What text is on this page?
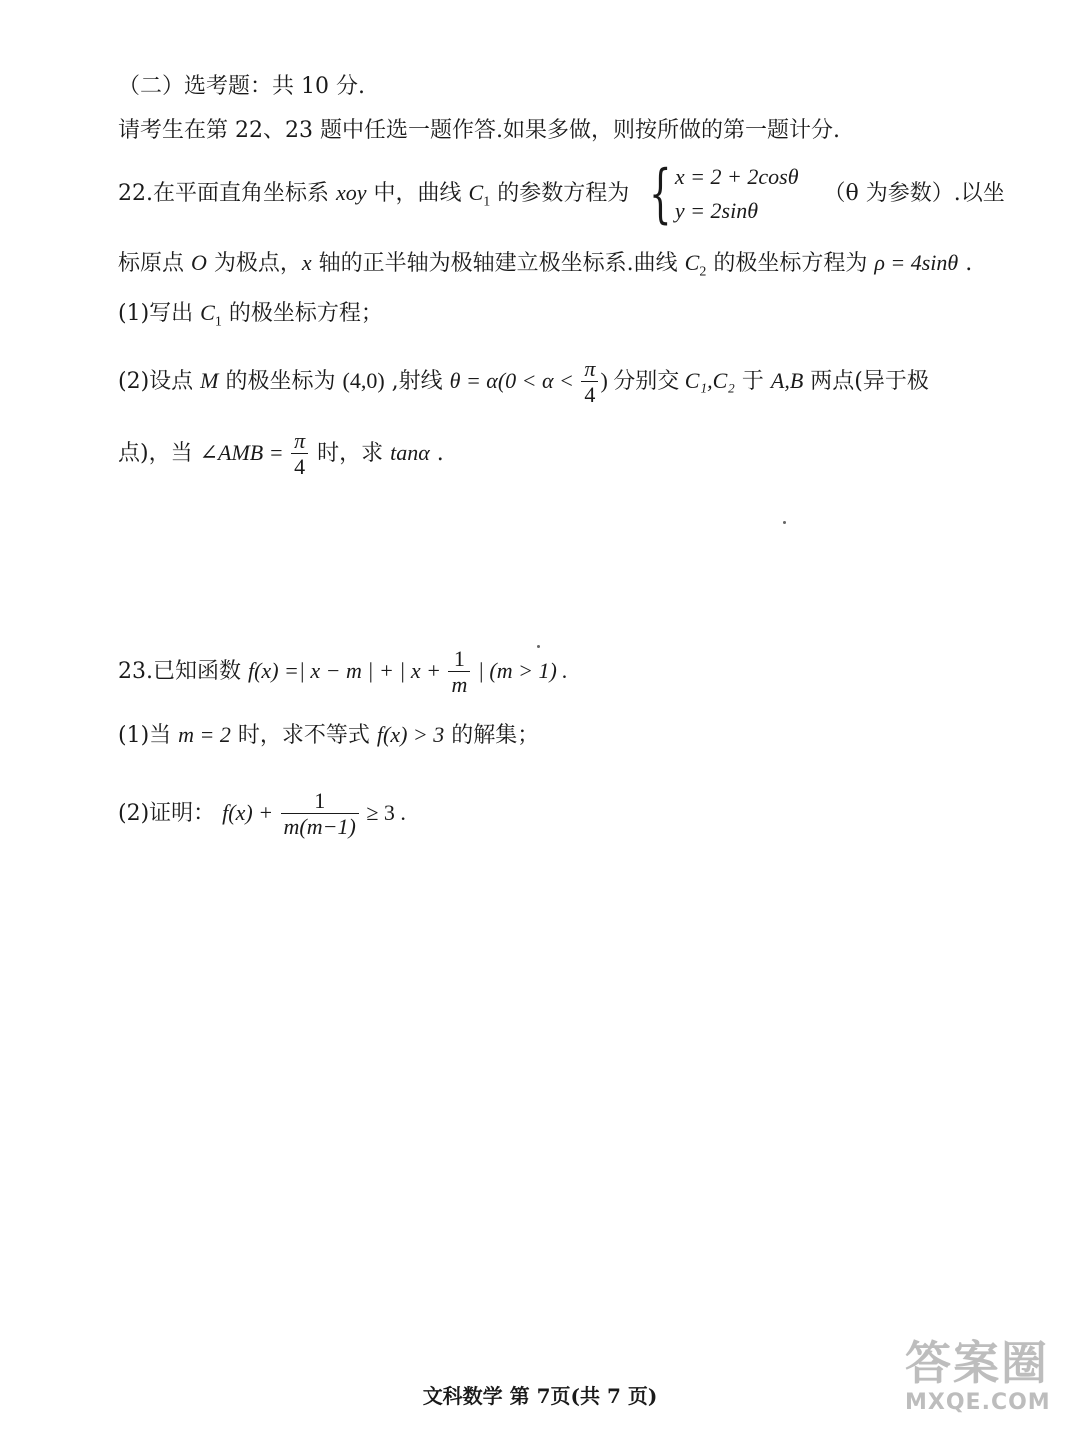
（二）选考题：共 10 分.
请考生在第 22、23 题中任选一题作答.如果多做，则按所做的第一题计分.
22.在平面直角坐标系 xoy 中，曲线 $C_1$ 的参数方程为 { x = 2 + 2cosθ
y = 2sinθ
（θ 为参数）.以坐
标原点 O 为极点，x 轴的正半轴为极轴建立极坐标系.曲线 $C_2$ 的极坐标方程为 ρ = 4sinθ .
(1)写出 $C_1$ 的极坐标方程；
(2)设点 M 的极坐标为 (4,0) ,射线 $\theta = \alpha(0 < \alpha < \frac{\pi}{4}$ ) 分别交 C₁,C₂ 于 A,B 两点(异于极
点)，当 ∠AMB = $\frac{\pi}{4}$ 时，求 tanα .
23.已知函数 f(x) =| x − m | + | $x + \frac{1}{m}$ | (m > 1) .
(1)当 m = 2 时，求不等式 f(x) > 3 的解集；
(2)证明： $f(x) + \frac{1}{m(m-1)} \ge 3$ .
文科数学 第 7页(共 7 页)
答案圈
MXQE.COM
